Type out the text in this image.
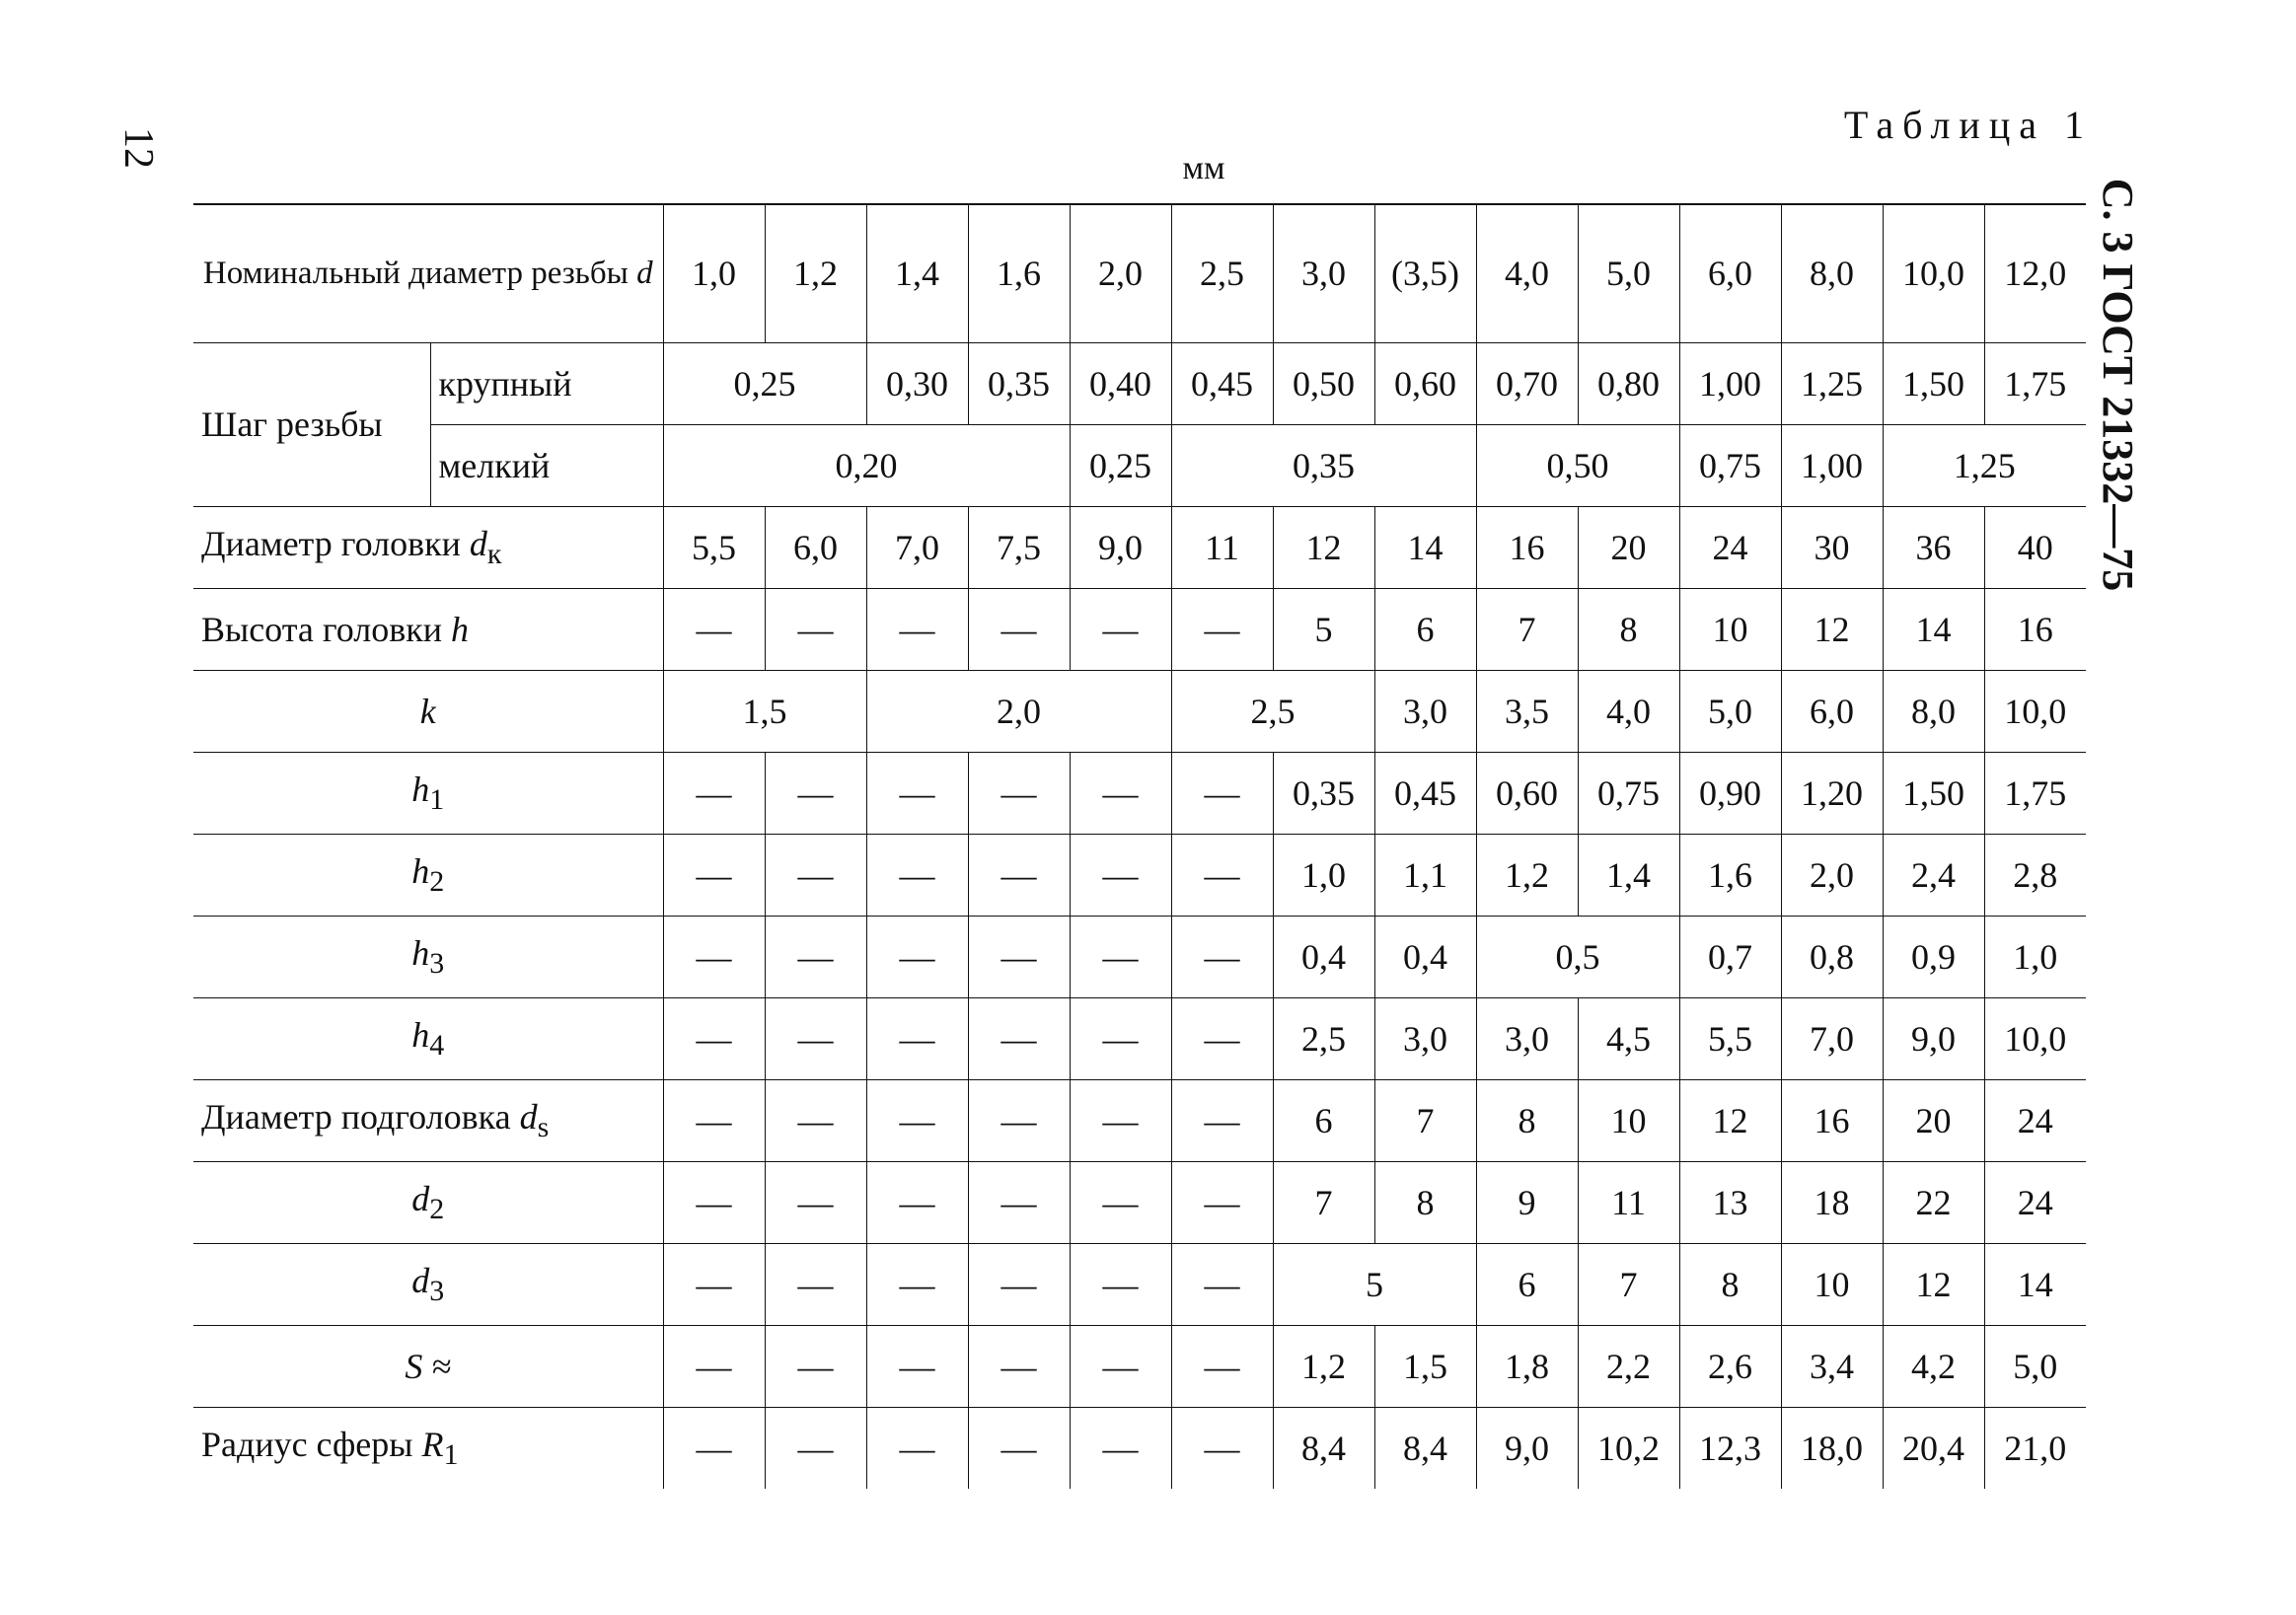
12
С. 3 ГОСТ 21332—75
Таблица 1
мм
Номинальный диаметр резьбы d		1,0	1,2	1,4	1,6	2,0	2,5	3,0	(3,5)	4,0	5,0	6,0	8,0	10,0	12,0
Шаг резьбы	крупный	0,25		0,30	0,35	0,40	0,45	0,50	0,60	0,70	0,80	1,00	1,25	1,50	1,75
	мелкий	0,20				0,25	0,35			0,50		0,75	1,00	1,25	
Диаметр головки $d_к$		5,5	6,0	7,0	7,5	9,0	11	12	14	16	20	24	30	36	40
Высота головки h		—	—	—	—	—	—	5	6	7	8	10	12	14	16
k		1,5		2,0			2,5		3,0	3,5	4,0	5,0	6,0	8,0	10,0
$h_1$		—	—	—	—	—	—	0,35	0,45	0,60	0,75	0,90	1,20	1,50	1,75
$h_2$		—	—	—	—	—	—	1,0	1,1	1,2	1,4	1,6	2,0	2,4	2,8
$h_3$		—	—	—	—	—	—	0,4	0,4	0,5		0,7	0,8	0,9	1,0
$h_4$		—	—	—	—	—	—	2,5	3,0	3,0	4,5	5,5	7,0	9,0	10,0
Диаметр подголовка $d_s$		—	—	—	—	—	—	6	7	8	10	12	16	20	24
$d_2$		—	—	—	—	—	—	7	8	9	11	13	18	22	24
$d_3$		—	—	—	—	—	—	5		6	7	8	10	12	14
S ≈		—	—	—	—	—	—	1,2	1,5	1,8	2,2	2,6	3,4	4,2	5,0
Радиус сферы $R_1$		—	—	—	—	—	—	8,4	8,4	9,0	10,2	12,3	18,0	20,4	21,0
